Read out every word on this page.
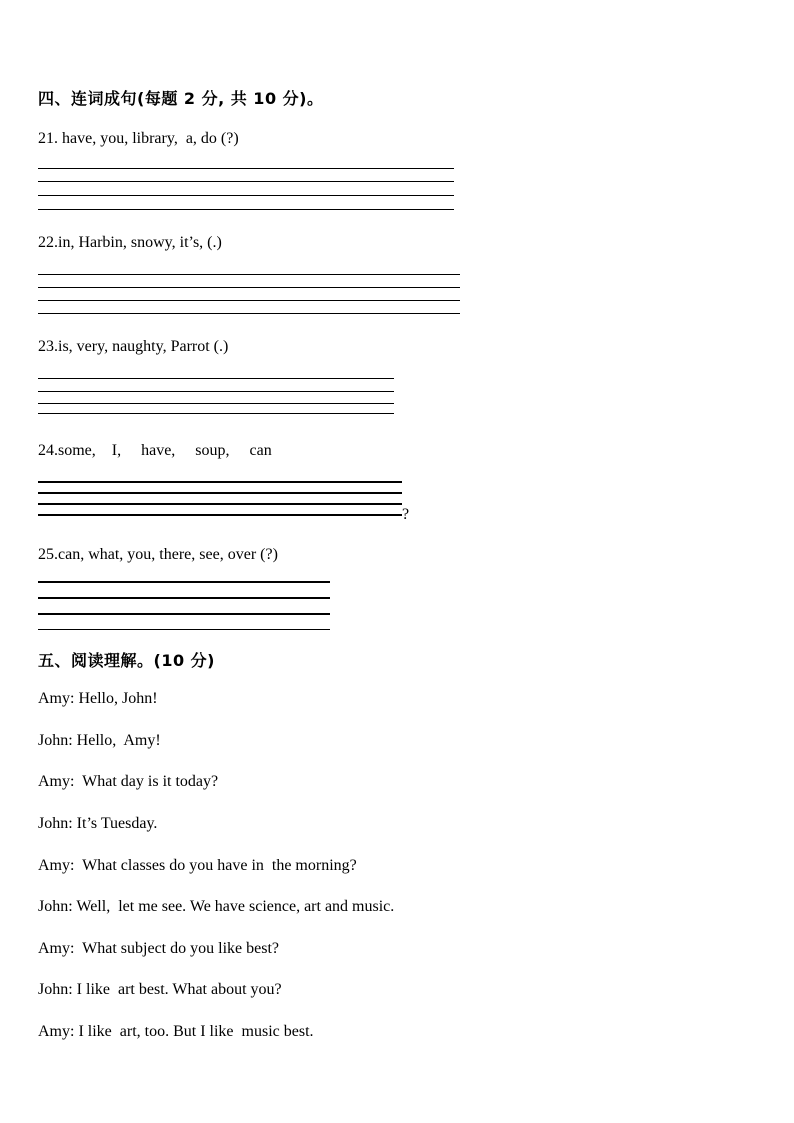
四、连词成句(每题 2 分, 共 10 分)。
21. have, you, library,  a, do (?)
22.in, Harbin, snowy, it’s, (.)
23.is, very, naughty, Parrot (.)
24.some,    I,     have,     soup,     can
?
25.can, what, you, there, see, over (?)
五、阅读理解。(10 分)
Amy: Hello, John!
John: Hello,  Amy!
Amy:  What day is it today?
John: It’s Tuesday.
Amy:  What classes do you have in  the morning?
John: Well,  let me see. We have science, art and music.
Amy:  What subject do you like best?
John: I like  art best. What about you?
Amy: I like  art, too. But I like  music best.
